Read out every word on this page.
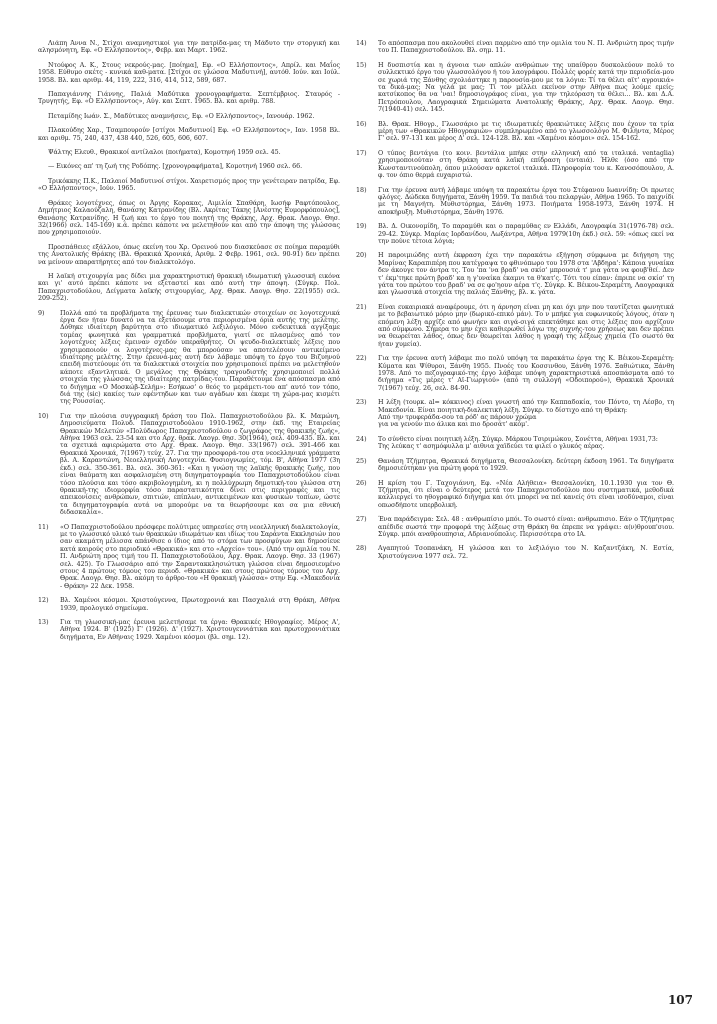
Λιάπη Άννα Ν., Στίχοι αναμνηστικοί για την πατρίδα-μας τη Μάδυτο την στοργική και αλησμόνητη, Εφ. «Ο Ελλήσποντος», Φεβρ. και Μαρτ. 1962.

Ντούφος Α. Κ., Στους νεκρούς-μας. [ποίημα], Εφ. «Ο Ελλήσποντος», Απρίλ. και Μαΐος 1958. Εύθυμο σκέτς - κυνικά καθ-ματα. [Στίχοι σε γλώσσα Μαδυτινή], αυτόθ. Ιούν. και Ιούλ. 1958. Βλ. και αριθμ. 44, 119, 222, 316, 414, 512, 589, 687.

Παπαγιάννης Γιάννης, Παλιά Μαδύτικα χρονογραφήματα. Σεπτέμβριος. Σταυρός - Τρυγητής, Εφ. «Ο Ελλήσποντος», Αύγ. και Σεπτ. 1965. Βλ. και αριθμ. 788.

Πεταμίδης Ιωάν. Σ., Μαδύτικες αναμνήσεις, Εφ. «Ο Ελλήσποντος», Ιανουάρ. 1962.

Πλακούδης Χαρ., Τσαμπουρούν [στίχοι Μαδυτινοί] Εφ. «Ο Ελλήσποντος», Ιαν. 1958 Βλ. και αριθμ. 75, 240, 437, 438 440, 526, 605, 606, 607.

Ψάλτης Ελευθ., Θρακικοί αντίλαλοι (ποιήματα), Κομοτηνή 1959 σελ. 45.

— Εικόνες απ' τη ζωή της Ροδόπης. [χρονογραφήματα], Κομοτηνή 1960 σελ. 66.

Τρικόκκης Π.Κ., Παλαιοί Μαδυτινοί στίχοι. Χαιρετισμός προς την γενέτειραν πατρίδα, Εφ. «Ο Ελλήσποντος», Ιούν. 1965.

Θράκες λογοτέχνες, όπως οι Άργης Κορακας, Αιμιλία Σπαθάρη, Ιωσήφ Ραφτόπουλος, Δημήτριος Καλαούζαλη, Θανάσης Κατρανίδης (Βλ. Ακρίτας Τάκης [Ανέστης Ευμορφόπουλος], Θανάσης Κατρανίδης. Η ζωή και το έργο του ποιητή της Θράκης, Αρχ. Θρακ. Λαογρ. Θησ. 32(1966) σελ. 145-169) κ.ά. πρέπει κάποτε να μελετηθούν και από την άποψη της γλώσσας που χρησιμοποιούν.

Προσπάθειες εξάλλου, όπως εκείνη του Χρ. Ορεινού που διασκεύασε σε ποίημα παραμύθι της Ανατολικής Θράκης (Βλ. Θρακικά Χρονικά, Αριθμ. 2 Φεβρ. 1961, σελ. 90-91) δεν πρέπει να μείνουν απαρατήρητες από τον διαλεκτολόγο.

Η λαϊκή στιχουργία μας δίδει μια χαρακτηριστική θρακική ιδιωματική γλωσσική εικόνα και γι' αυτό πρέπει κάποτε να εξεταστεί και από αυτή την άποψη. (Σύγκρ. Πολ. Παπαχριστοδούλου, Δείγματα λαϊκής στιχουργίας, Αρχ. Θρακ. Λαογρ. Θησ. 22(1955) σελ. 209-252).

9)	Πολλά από τα προβλήματα της έρευνας των διαλεκτικών στοιχείων σε λογοτεχνικά έργα δεν ήταν δυνατό να τα εξετάσουμε στα περιορισμένα όρια αυτής της μελέτης. Δόθηκε ιδιαίτερη βαρύτητα στο ιδιωματικό λεξιλόγιο. Μόνο ενδεικτικά αγγίξαμε τομέας φωνητικά και γραμματικά προβλήματα, γιατί σε πλασμένες από τον λογοτέχνες λέξεις έμειναν σχεδόν υπεραθρήτες. Οι ψευδο-διαλεκτικές λέξεις που χρησιμοποιούν οι λογοτέχνες-μας θα μπορούσαν να αποτελέσουν αντικείμενο ιδιαίτερης μελέτης. Στην έρευνά-μας αυτή δεν λάβαμε υπόψη το έργο του Βιζυηνού επειδή πιστεύουμε ότι τα διαλεκτικά στοιχεία που χρησιμοποιεί πρέπει να μελετηθούν κάποτε εξαντλητικά. Ο μεγάλος της Θράκης τραγουδιστής χρησιμοποιεί πολλά στοιχεία της γλώσσας της ιδιαίτερης πατρίδας-του. Παραθέτουμε ένα απόσπασμα από το διήγημα «Ο Μοσκώβ-Σελήμ»: Εσήκωσ' ο θεός το μεράμετι-του απ' αυτό τον τόπο, διά της (sic) κακίες των εφέντηδων και των αγάδων και έκαμε τη χώρα-μας κισμέτι της Ρουσσίας.
10)	Για την πλούσια συγγραφική δράση του Πολ. Παπαχριστοδούλου βλ. Κ. Μαμώνη, Δημοσιεύματα Πολυδ. Παπαχριστοδούλου 1910-1962, στην έκδ. της Εταιρείας Θρακικών Μελετών «Πολύδωρος Παπαχριστοδούλου ο ζωγράφος της θρακικής ζωής», Αθήνα 1963 σελ. 23-54 και στο Αρχ. θρακ. Λαογρ. θησ. 30(1964), σελ. 409-435. Βλ. και τα σχετικά αφιερώματα στο Αρχ. Θρακ. Λαογρ. Θησ. 33(1967) σελ. 391-466 και Θρακικά Χρονικά, 7(1967) τεύχ. 27. Για την προσφορά-του στα νεοελληνικά γράμματα βλ. Α. Καραντώνη, Νεοελληνική Λογοτεχνία. Φυσιογνωμίες, τόμ. Β', Αθήνα 1977 (3η έκδ.) σελ. 350-361. Βλ. σελ. 360-361: «Και η γνώση της λαϊκής θρακικής ζωής, που είναι θαύματη και ασφαλισμένη στη διηγηματογραφία του Παπαχριστοδούλου είναι τόσο πλούσια και τόσο ακριβολογημένη, κι η πολλύχρωμη δημοτική-του γλώσσα στη θρακική-της ιδιομορφία τόσο παραστατικότητα δίνει στις περιγραφές και τις απεικονίσεις ανθρώπων, σπιτιών, επίπλων, αντικειμένων και φυσικών τοπίων, ώστε τα διηγηματογραφία αυτά να μπορούμε να τα θεωρήσουμε και σα μια εθνική διδασκαλία».
11)	«Ο Παπαχριστοδούλου πρόσφερε πολύτιμες υπηρεσίες στη νεοελληνική διαλεκτολογία, με το γλωσσικό υλικό των θρακικών ιδιωμάτων και ιδίως του Σαράντα Εκκλησιών που σαν ακαμάτη μέλισσα απάνθισε ο ίδιος από το στόμα των προσφύγων και δημοσίευε κατά καιρούς στο περιοδικό «Θρακικά» και στο «Αρχείο» του». (Από την ομιλία του Ν. Π. Ανδριώτη προς τιμή του Π. Παπαχριστοδούλου, Αρχ. Θρακ. Λαογρ. Θησ. 33 (1967) σελ. 425). Το Γλωσσάριο από την Σαραντακκλησιώτικη γλώσσα είναι δημοσιευμένο στους 4 πρώτους τόμους του περιοδ. «Θρακικά» και στους πρώτους τόμους του Αρχ. Θρακ. Λαογρ. Θησ. Βλ. ακόμη το άρθρο-του «Η θρακική γλώσσα» στην Εφ. «Μακεδονία - Θράκη» 22 Δεκ. 1958.
12)	Βλ. Χαμένοι κόσμοι. Χριστούγεννα, Πρωτοχρονιά και Πασχαλιά στη Θράκη, Αθήνα 1939, προλογικό σημείωμα.
13)	Για τη γλωσσική-μας έρευνα μελετήσαμε τα έργα: Θρακικές Ηθογραφίες. Μέρος Α', Αθήνα 1924. Β' (1925) Γ' (1926). Δ' (1927). Χριστουγεννιάτικα και πρωτοχρονιάτικα διηγήματα, Εν Αθήναις 1929. Χαμένοι κόσμοι (βλ. σημ. 12).
14)	Το απόσπασμα που ακολουθεί είναι παρμένο από την ομιλία του Ν. Π. Ανδριώτη προς τιμήν του Π. Παπαχριστοδούλου. Βλ. σημ. 11.
15)	Η δυσπιστία και η άγνοια των απλών ανθρώπων της υπαίθρου δυσκολεύουν πολύ το συλλεκτικό έργο του γλωσσολόγου ή του λαογράφου. Πολλές φορές κατά την περιοδεία-μου σε χωριά της Ξάνθης σχολιάστηκε η παρουσία-μου με τα λόγια: Τί τα θέλει αϊτ' αγροικιά» τα δικά-μας; Να γελά με μας; Τί τον μέλλει εκείνον στην Αθήνα πως λούμε εμείς; κατσίκοπος θα να 'ναι! δημοσιογράφος είναι, για την τηλεόραση τα θέλει... Βλ. και Δ.Α. Πετρόπουλου, Λαογραφικά Σημειώματα Ανατολικής Θράκης, Αρχ. Θρακ. Λαογρ. Θησ. 7(1940-41) σελ. 145.
16)	Βλ. Θρακ. Ηθογρ., Γλωσσάριο με τις ιδιωματικές θρακιώτικες λέξεις που έχουν τα τρία μέρη των «Θρακικών Ηθογραφιών» συμπληρωμένο από το γλωσσολόγο Μ. Φιλήντα, Μέρος Γ' σελ. 97-131 και μέρος Δ' σελ. 124-128. Βλ. και «Χαμένοι κόσμοι» σελ. 154-162.
17)	Ο τύπος βεντάγια (το κοιν. βεντάλια μπήκε στην ελληνική από τα ιταλικά. ventaglia) χρησιμοποιούταν στη Θράκη κατά λαϊκή επίδραση (ενταιά). Ήλθε (όσο από την Κωνσταντινούπολη, όπου μιλούσαν αρκετοί ιταλικά. Πληροφορία του κ. Κανοσόπουλου, Α. φ. τον όπιο θερμά ευχαριστώ.
18)	Για την έρευνα αυτή λάβαμε υπόψη τα παρακάτω έργα του Στέφανου Ιωαννίδη: Οι πρωτες φλόγες. Δώδεκα διηγήματα, Ξάνθη 1959. Τα παιδιά του πελαργών, Αθήνα 1965. Το παιχνίδι με τη Μαγνήτη. Μυθιστόρημα, Ξάνθη 1973. Ποιήματα 1958-1973, Ξάνθη 1974. Η αποκήρυξη. Μυθιστόρημα, Ξάνθη 1976.
19)	Βλ. Δ. Οικονομίδη, Το παραμύθι και ο παραμύθας εν Ελλάδι, Λαογραφία 31(1976-78) σελ. 29-42. Σύγκρ. Μαρίας Ιορδανίδου, Λωξάντρα, Αθήνα 1979(10η έκδ.) σελ. 59: «όπως εκεί να την πούνε τέτοια λόγια;
20)	Η παροιμιώδης αυτή έκφραση έχει την παρακάτω εξήγηση σύμφωνα με διήγηση της Μαρίνας Καραπιπέρη που κατέγραψα το φθινόπωρο του 1978 στα 'Αβδηρα': Κάποια γυναίκα δεν άκουγε τον άντρα τς. Του 'πα 'να βραδ' να σκίσ' μπρουσιά τ' μια γάτα να φουβ'θεί. Δεν τ' έκμ'τηκε πρώτη βραδ' κα η γ'υναίκα έκαμνι τα θ'κατ'ς. Τότι του είπαν: έπριπε να σκίσ' τη γάτα του πρώτου του βραδ' να σε φο'ηουν αέρα τ'ς. Σύγκρ. Κ. Βέικου-Σεραμέτη, Λαογραφικά και γλωσσικά στοιχεία της παλιάς Ξάνθης, βλ. κ. γάτα.
21)	Είναι ευκαιριακά αναφέρουμε, ότι η άρνηση είναι μη και όχι μην που ταυτίζεται φωνητικά με το βεβαιωτικό μόριο μην (δωρικό-επικό μάν). Το ν μπήκε για ευφωνικούς λόγους, όταν η επόμενη λέξη αρχίζε από φωνήεν και σιγά-σιγά επεκτάθηκε και στις λέξεις που αρχίζουν από σύμφωνο. Σήμερα το μην έχει καθιερωθεί λόγω της συχνής-του χρήσεως και δεν πρέπει να θεωρείται λάθος, όπως δεν θεωρείται λάθος η γραφή της λέξεως χημεία (Το σωστό θα ήταν χυμεία).
22)	Για την έρευνα αυτή λάβαμε πιο πολύ υπόψη τα παρακάτω έργα της Κ. Βέικου-Σεραμέτη: Κύματα και Ψίθυροι, Ξάνθη 1955. Πνοές του Κοσσινθου, Ξάνθη 1976. Ξαθιώτικα, Ξάνθη 1978. Από το πεζογραφικό-της έργο λάβαμε υπόψη χαρακτηριστικά αποσπάσματα από το διήγημα «Τις μέρες τ' Αϊ-Γιωργιού» (από τη συλλογή «Οδοιπορού»), Θρακικά Χρονικά 7(1967) τεύχ. 26, σελ. 84-90.
23)	Η λέξη (τουρκ. al= κόκκινος) είναι γνωστή από την Καππαδοκία, τον Πόντο, τη Λέσβο, τη Μακεδονία. Είναι ποιητική-διαλεκτική λέξη. Σύγκρ. το δίστιχο από τη Θράκη:
Από την τρυφεράδα-σου τα ρόδ' ας πάρουν χρώμα
για να γενούν πιο άλικα και πιο δροσάτ' ακόμ'.
24)	Το σύνθετο είναι ποιητική λέξη. Σύγκρ. Μάρκου Τσιριμώκου, Σονέττα, Αθήναι 1931,73:
Της λεύκας τ' ασημόφυλλα μ' αιθνια χαϊδεύει τα φιλεί ο γλυκός αέρας.
25)	Θανάση Τζήμητρα, Θρακικά διηγήματα, Θεσσαλονίκη. δεύτερη έκδοση 1961. Τα διηγήματα δημοσιεύτηκαν για πρώτη φορά το 1929.
26)	Η κρίση του Γ. Ταχογιάννη, Εφ. «Νέα Αλήθεια» Θεσσαλονίκη, 10.1.1930 για τον Θ. Τζήμητρα, ότι είναι ο δεύτερος μετά τον Παπαχριστοδούλου που συστηματικά, μεθοδικά καλλιεργεί το ηθογραφικό διήγημα και ότι μπορεί να πεί κανείς ότι είναι ισοδύναμοι, είναι οπωσδήποτε υπερβολική.
27)	Ένα παράδειγμα: Σελ. 48 : ανθρωπίσιο μπόι. Το σωστό είναι: ανθρωπισιο. Εάν ο Τζήμητρας απέδιδε σωστά την προφορά της λέξεως στη Θράκη θα έπρεπε να γράψει: α(ν)θρουπ'σιου. Σύγκρ. μπόι αναθρουπησια, Αδριανούπολις. Περισσότερα στο ΙΑ.
28)	Αγαπητού Τσοπανάκη, Η γλώσσα και το λεξιλόγιο του Ν. Καζαντζάκη, Ν. Εστία, Χριστούγεννα 1977 σελ. 72.
107
